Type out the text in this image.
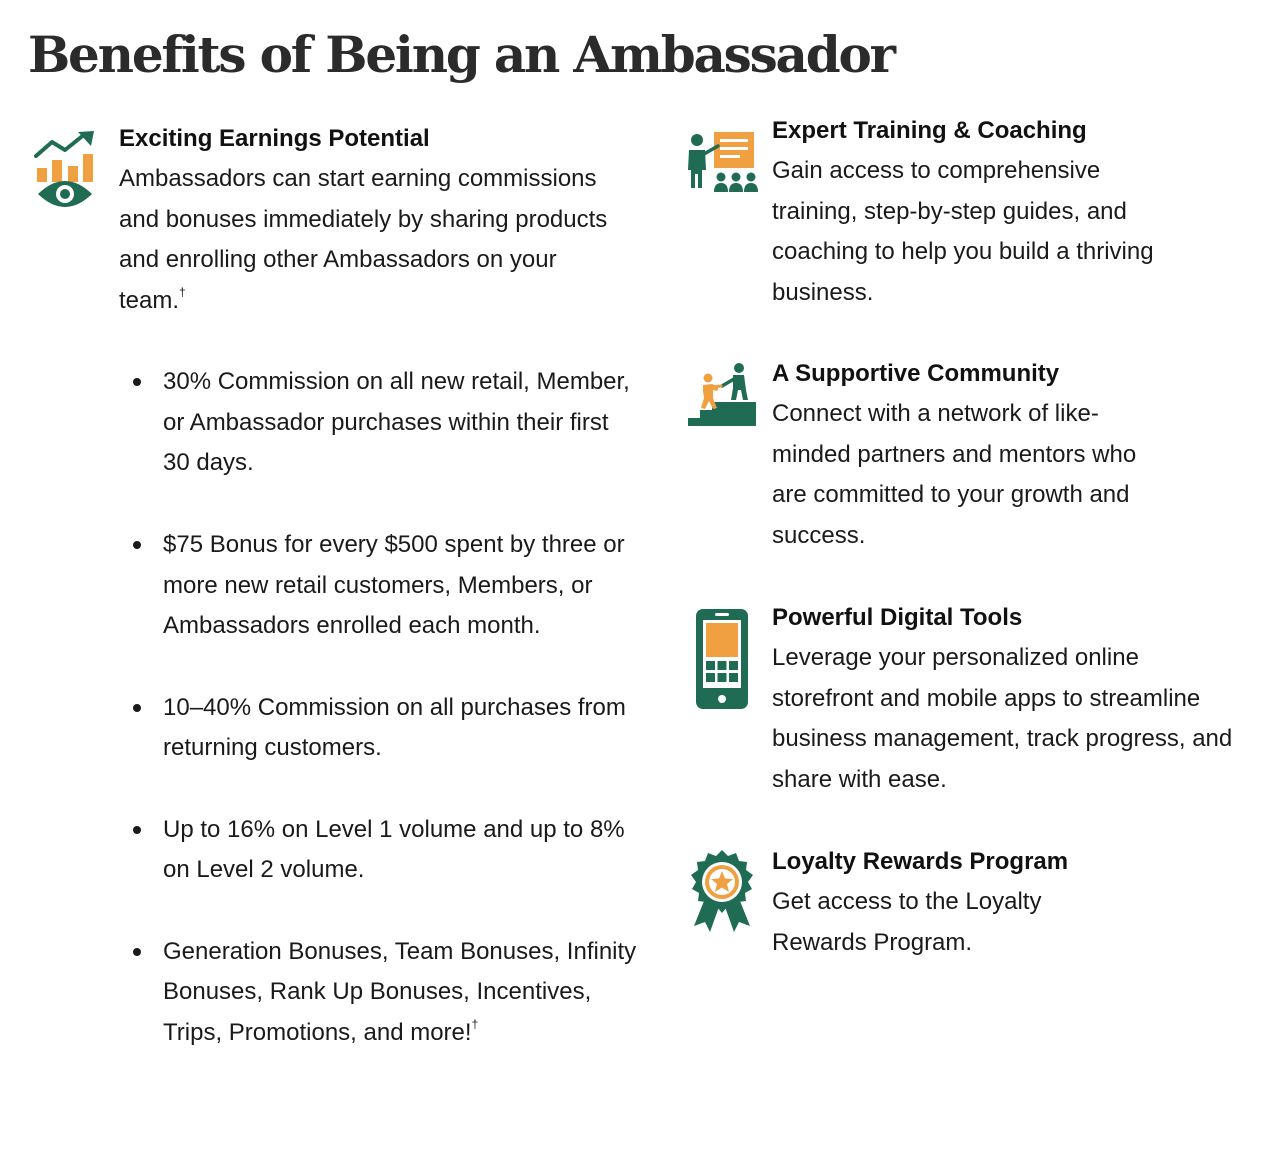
Benefits of Being an Ambassador
Exciting Earnings Potential

Ambassadors can start earning commissions and bonuses immediately by sharing products and enrolling other Ambassadors on your team.†

30% Commission on all new retail, Member, or Ambassador purchases within their first 30 days.
$75 Bonus for every $500 spent by three or more new retail customers, Members, or Ambassadors enrolled each month.
10–40% Commission on all purchases from returning customers.
Up to 16% on Level 1 volume and up to 8% on Level 2 volume.
Generation Bonuses, Team Bonuses, Infinity Bonuses, Rank Up Bonuses, Incentives, Trips, Promotions, and more!†
Expert Training & Coaching

Gain access to comprehensive training, step-by-step guides, and coaching to help you build a thriving business.

A Supportive Community

Connect with a network of like-minded partners and mentors who are committed to your growth and success.

Powerful Digital Tools

Leverage your personalized online storefront and mobile apps to streamline business management, track progress, and share with ease.

Loyalty Rewards Program

Get access to the Loyalty Rewards Program.
